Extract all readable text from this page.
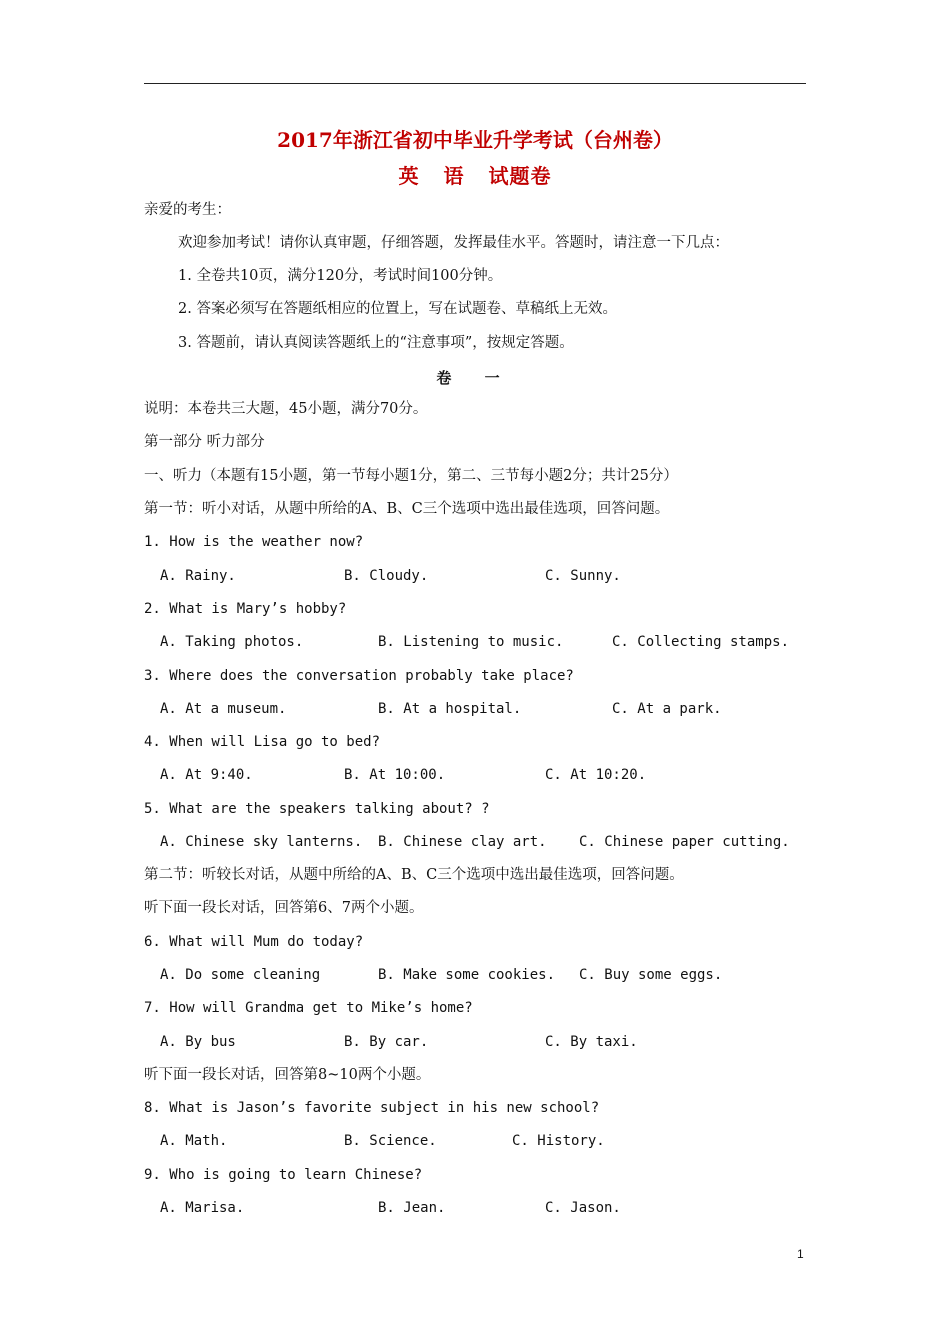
2017年浙江省初中毕业升学考试（台州卷）
英 语 试题卷
亲爱的考生：
欢迎参加考试！请你认真审题，仔细答题，发挥最佳水平。答题时，请注意一下几点：
1. 全卷共10页，满分120分，考试时间100分钟。
2. 答案必须写在答题纸相应的位置上，写在试题卷、草稿纸上无效。
3. 答题前，请认真阅读答题纸上的“注意事项”，按规定答题。
卷 一
说明：本卷共三大题，45小题，满分70分。
第一部分 听力部分
一、听力（本题有15小题，第一节每小题1分，第二、三节每小题2分；共计25分）
第一节：听小对话，从题中所给的A、B、C三个选项中选出最佳选项，回答问题。
1. How is the weather now?
A. Rainy.	B. Cloudy.	C. Sunny.
2. What is Mary’s hobby?
A. Taking photos.	B. Listening to music.	C. Collecting stamps.
3. Where does the conversation probably take place?
A. At a museum.	B. At a hospital.	C. At a park.
4. When will Lisa go to bed?
A. At 9:40.	B. At 10:00.	C. At 10:20.
5. What are the speakers talking about? ?
A. Chinese sky lanterns. B. Chinese clay art. C. Chinese paper cutting.
第二节：听较长对话，从题中所给的A、B、C三个选项中选出最佳选项，回答问题。
听下面一段长对话，回答第6、7两个小题。
6. What will Mum do today?
A. Do some cleaning	B. Make some cookies. C. Buy some eggs.
7. How will Grandma get to Mike’s home?
A. By bus	B. By car.	C. By taxi.
听下面一段长对话，回答第8~10两个小题。
8. What is Jason’s favorite subject in his new school?
A. Math.	B. Science.	C. History.
9. Who is going to learn Chinese?
A. Marisa.	B. Jean.	C. Jason.
1
